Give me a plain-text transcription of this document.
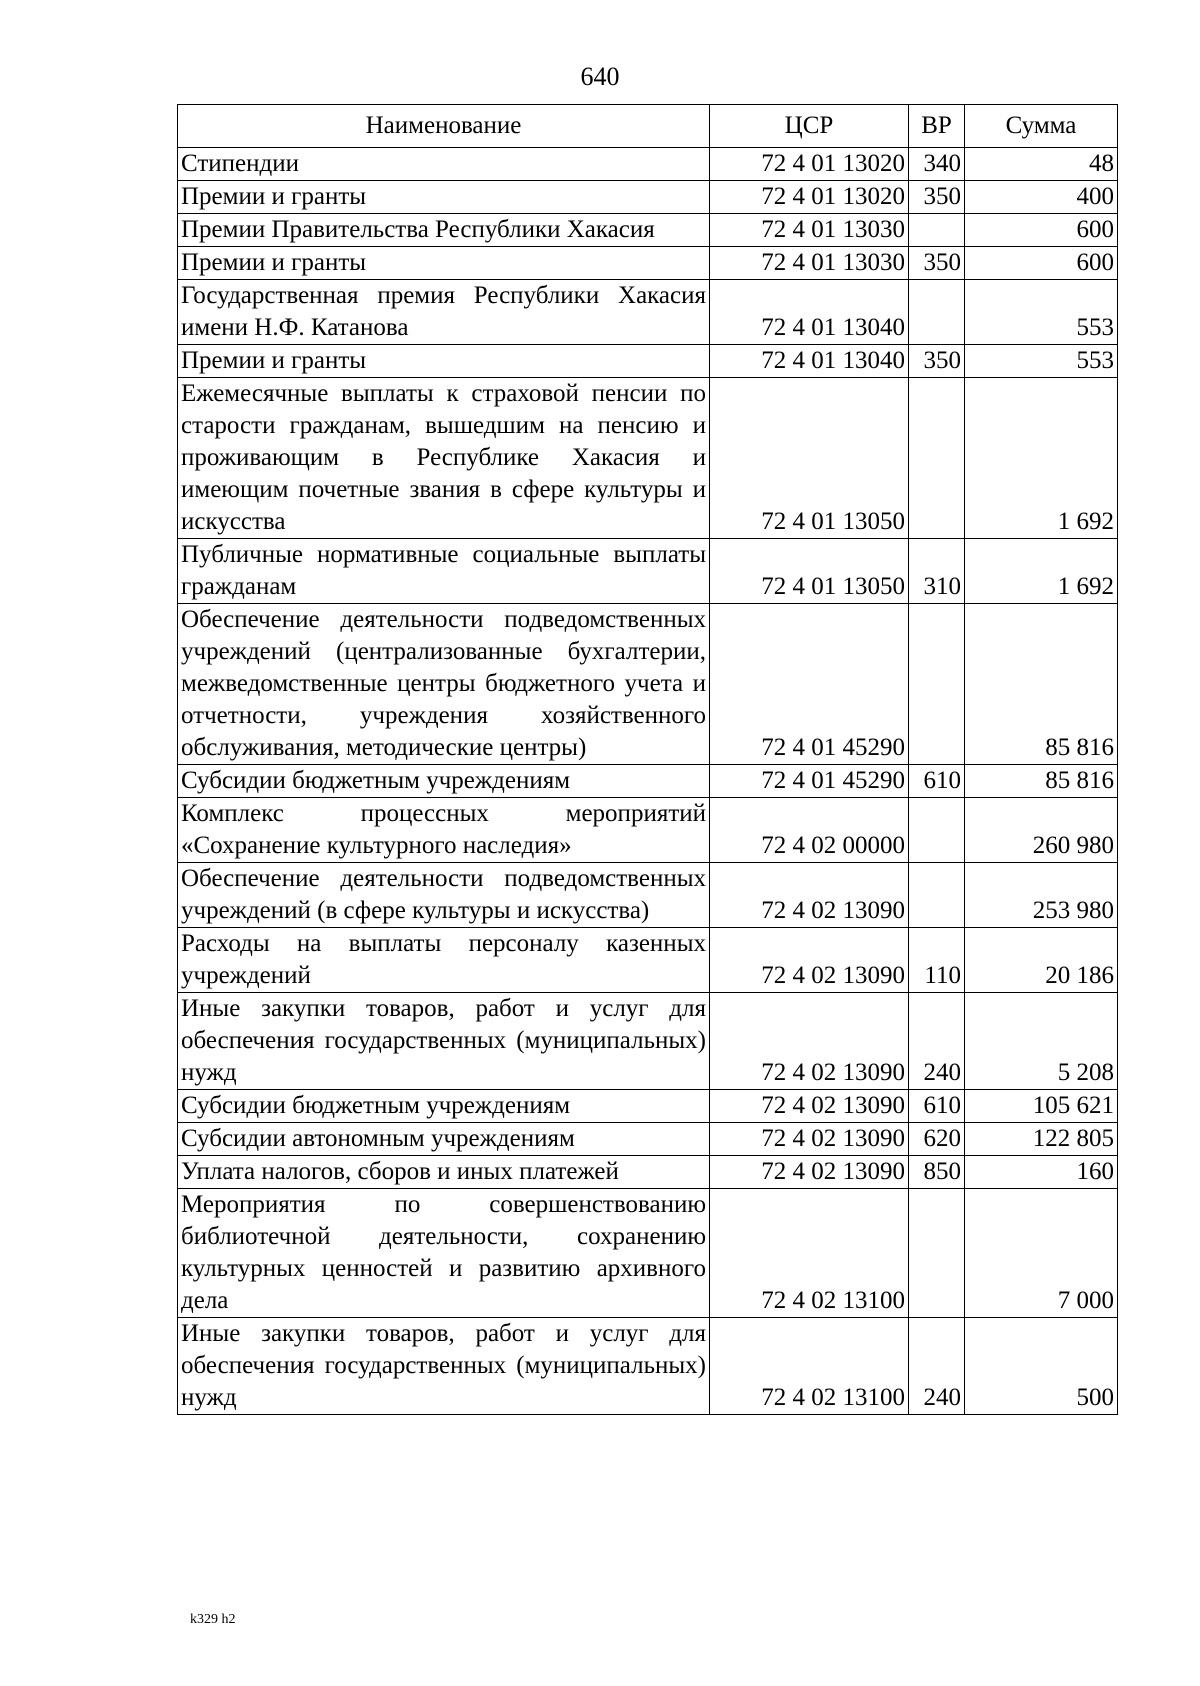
640
Наименование	ЦСР	ВР	Сумма
Стипендии	72 4 01 13020	340	48
Премии и гранты	72 4 01 13020	350	400
Премии Правительства Республики Хакасия	72 4 01 13030		600
Премии и гранты	72 4 01 13030	350	600
Государственная премия Республики Хакасия имени Н.Ф. Катанова	72 4 01 13040		553
Премии и гранты	72 4 01 13040	350	553
Ежемесячные выплаты к страховой пенсии по старости гражданам, вышедшим на пенсию и проживающим в Республике Хакасия и имеющим почетные звания в сфере культуры и искусства	72 4 01 13050		1 692
Публичные нормативные социальные выплаты гражданам	72 4 01 13050	310	1 692
Обеспечение деятельности подведомственных учреждений (централизованные бухгалтерии, межведомственные центры бюджетного учета и отчетности, учреждения хозяйственного обслуживания, методические центры)	72 4 01 45290		85 816
Субсидии бюджетным учреждениям	72 4 01 45290	610	85 816
Комплекс процессных мероприятий «Сохранение культурного наследия»	72 4 02 00000		260 980
Обеспечение деятельности подведомственных учреждений (в сфере культуры и искусства)	72 4 02 13090		253 980
Расходы на выплаты персоналу казенных учреждений	72 4 02 13090	110	20 186
Иные закупки товаров, работ и услуг для обеспечения государственных (муниципальных) нужд	72 4 02 13090	240	5 208
Субсидии бюджетным учреждениям	72 4 02 13090	610	105 621
Субсидии автономным учреждениям	72 4 02 13090	620	122 805
Уплата налогов, сборов и иных платежей	72 4 02 13090	850	160
Мероприятия по совершенствованию библиотечной деятельности, сохранению культурных ценностей и развитию архивного дела	72 4 02 13100		7 000
Иные закупки товаров, работ и услуг для обеспечения государственных (муниципальных) нужд	72 4 02 13100	240	500
k329 h2
